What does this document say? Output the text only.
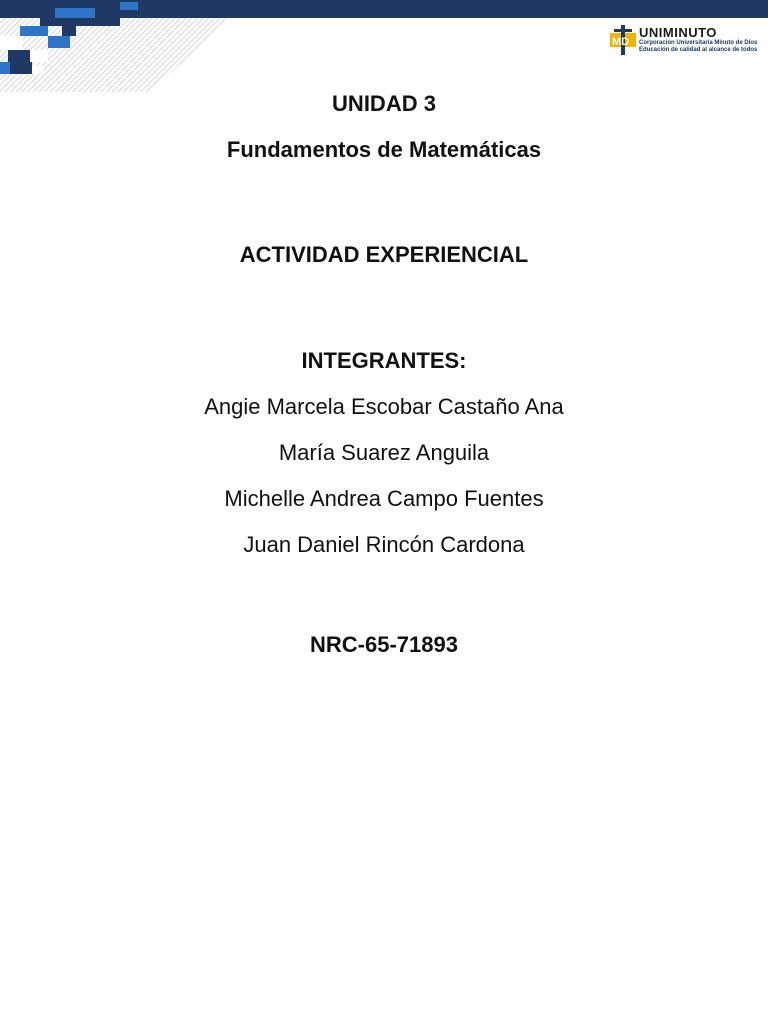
MD
UNIMINUTO
Corporación Universitaria Minuto de Dios
Educación de calidad al alcance de todos
UNIDAD 3
Fundamentos de Matemáticas
ACTIVIDAD EXPERIENCIAL
INTEGRANTES:
Angie Marcela Escobar Castaño Ana
María Suarez Anguila
Michelle Andrea Campo Fuentes
Juan Daniel Rincón Cardona
NRC-65-71893
